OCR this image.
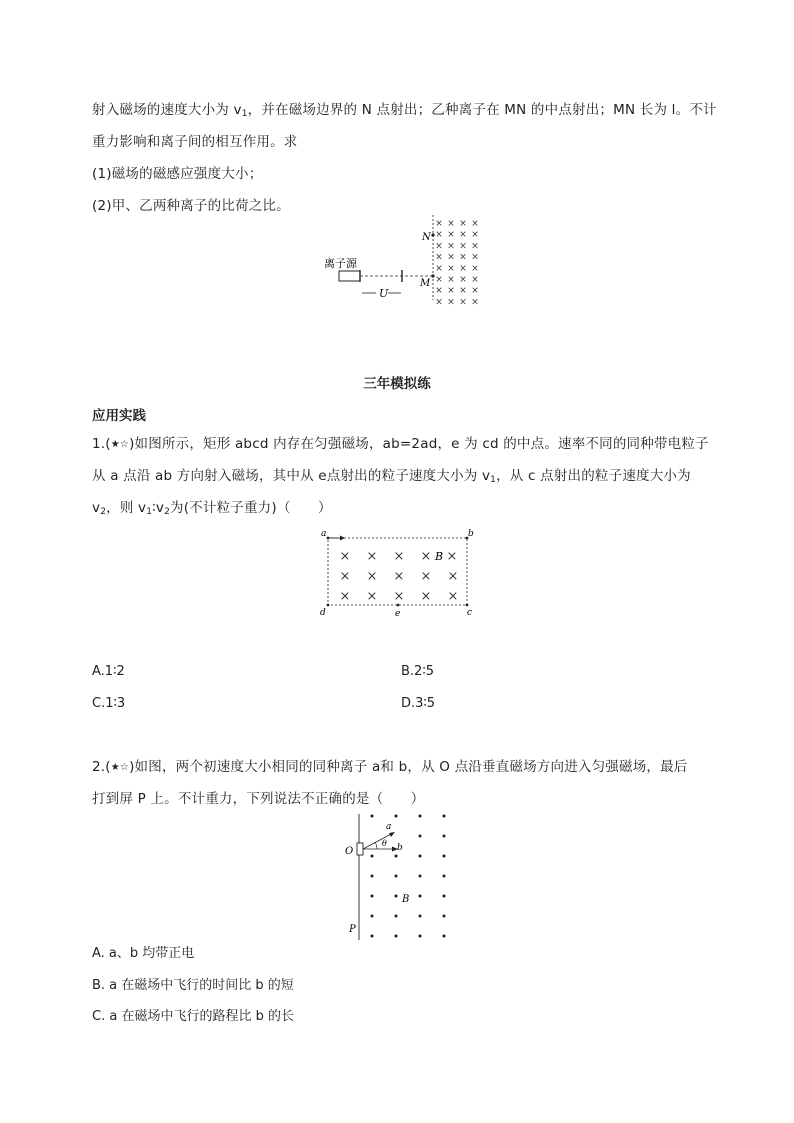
射入磁场的速度大小为 $v_1$，并在磁场边界的 N 点射出；乙种离子在 MN 的中点射出；MN 长为 l。不计
重力影响和离子间的相互作用。求
(1)磁场的磁感应强度大小；
(2)甲、乙两种离子的比荷之比。
离子源
U
N
M
× × × ×
× × × ×
× × × ×
× × × ×
× × × ×
× × × ×
× × × ×
× × × ×
三年模拟练
应用实践
1.(★☆)如图所示，矩形 abcd 内存在匀强磁场，ab=2ad，e 为 cd 的中点。速率不同的同种带电粒子
从 a 点沿 ab 方向射入磁场，其中从 e点射出的粒子速度大小为 $v_1$，从 c 点射出的粒子速度大小为
$v_2$，则 $v_1∶v_2$为(不计粒子重力)（　　）
a	b
c
d	e
B
× × × × ×
× × × × ×
× × × × ×
A.1∶2	B.2∶5
C.1∶3	D.3∶5
2.(★☆)如图，两个初速度大小相同的同种离子 a和 b，从 O 点沿垂直磁场方向进入匀强磁场，最后
打到屏 P 上。不计重力，下列说法不正确的是（　　）
O
a
b
θ
B
P
A. a、b 均带正电
B. a 在磁场中飞行的时间比 b 的短
C. a 在磁场中飞行的路程比 b 的长
